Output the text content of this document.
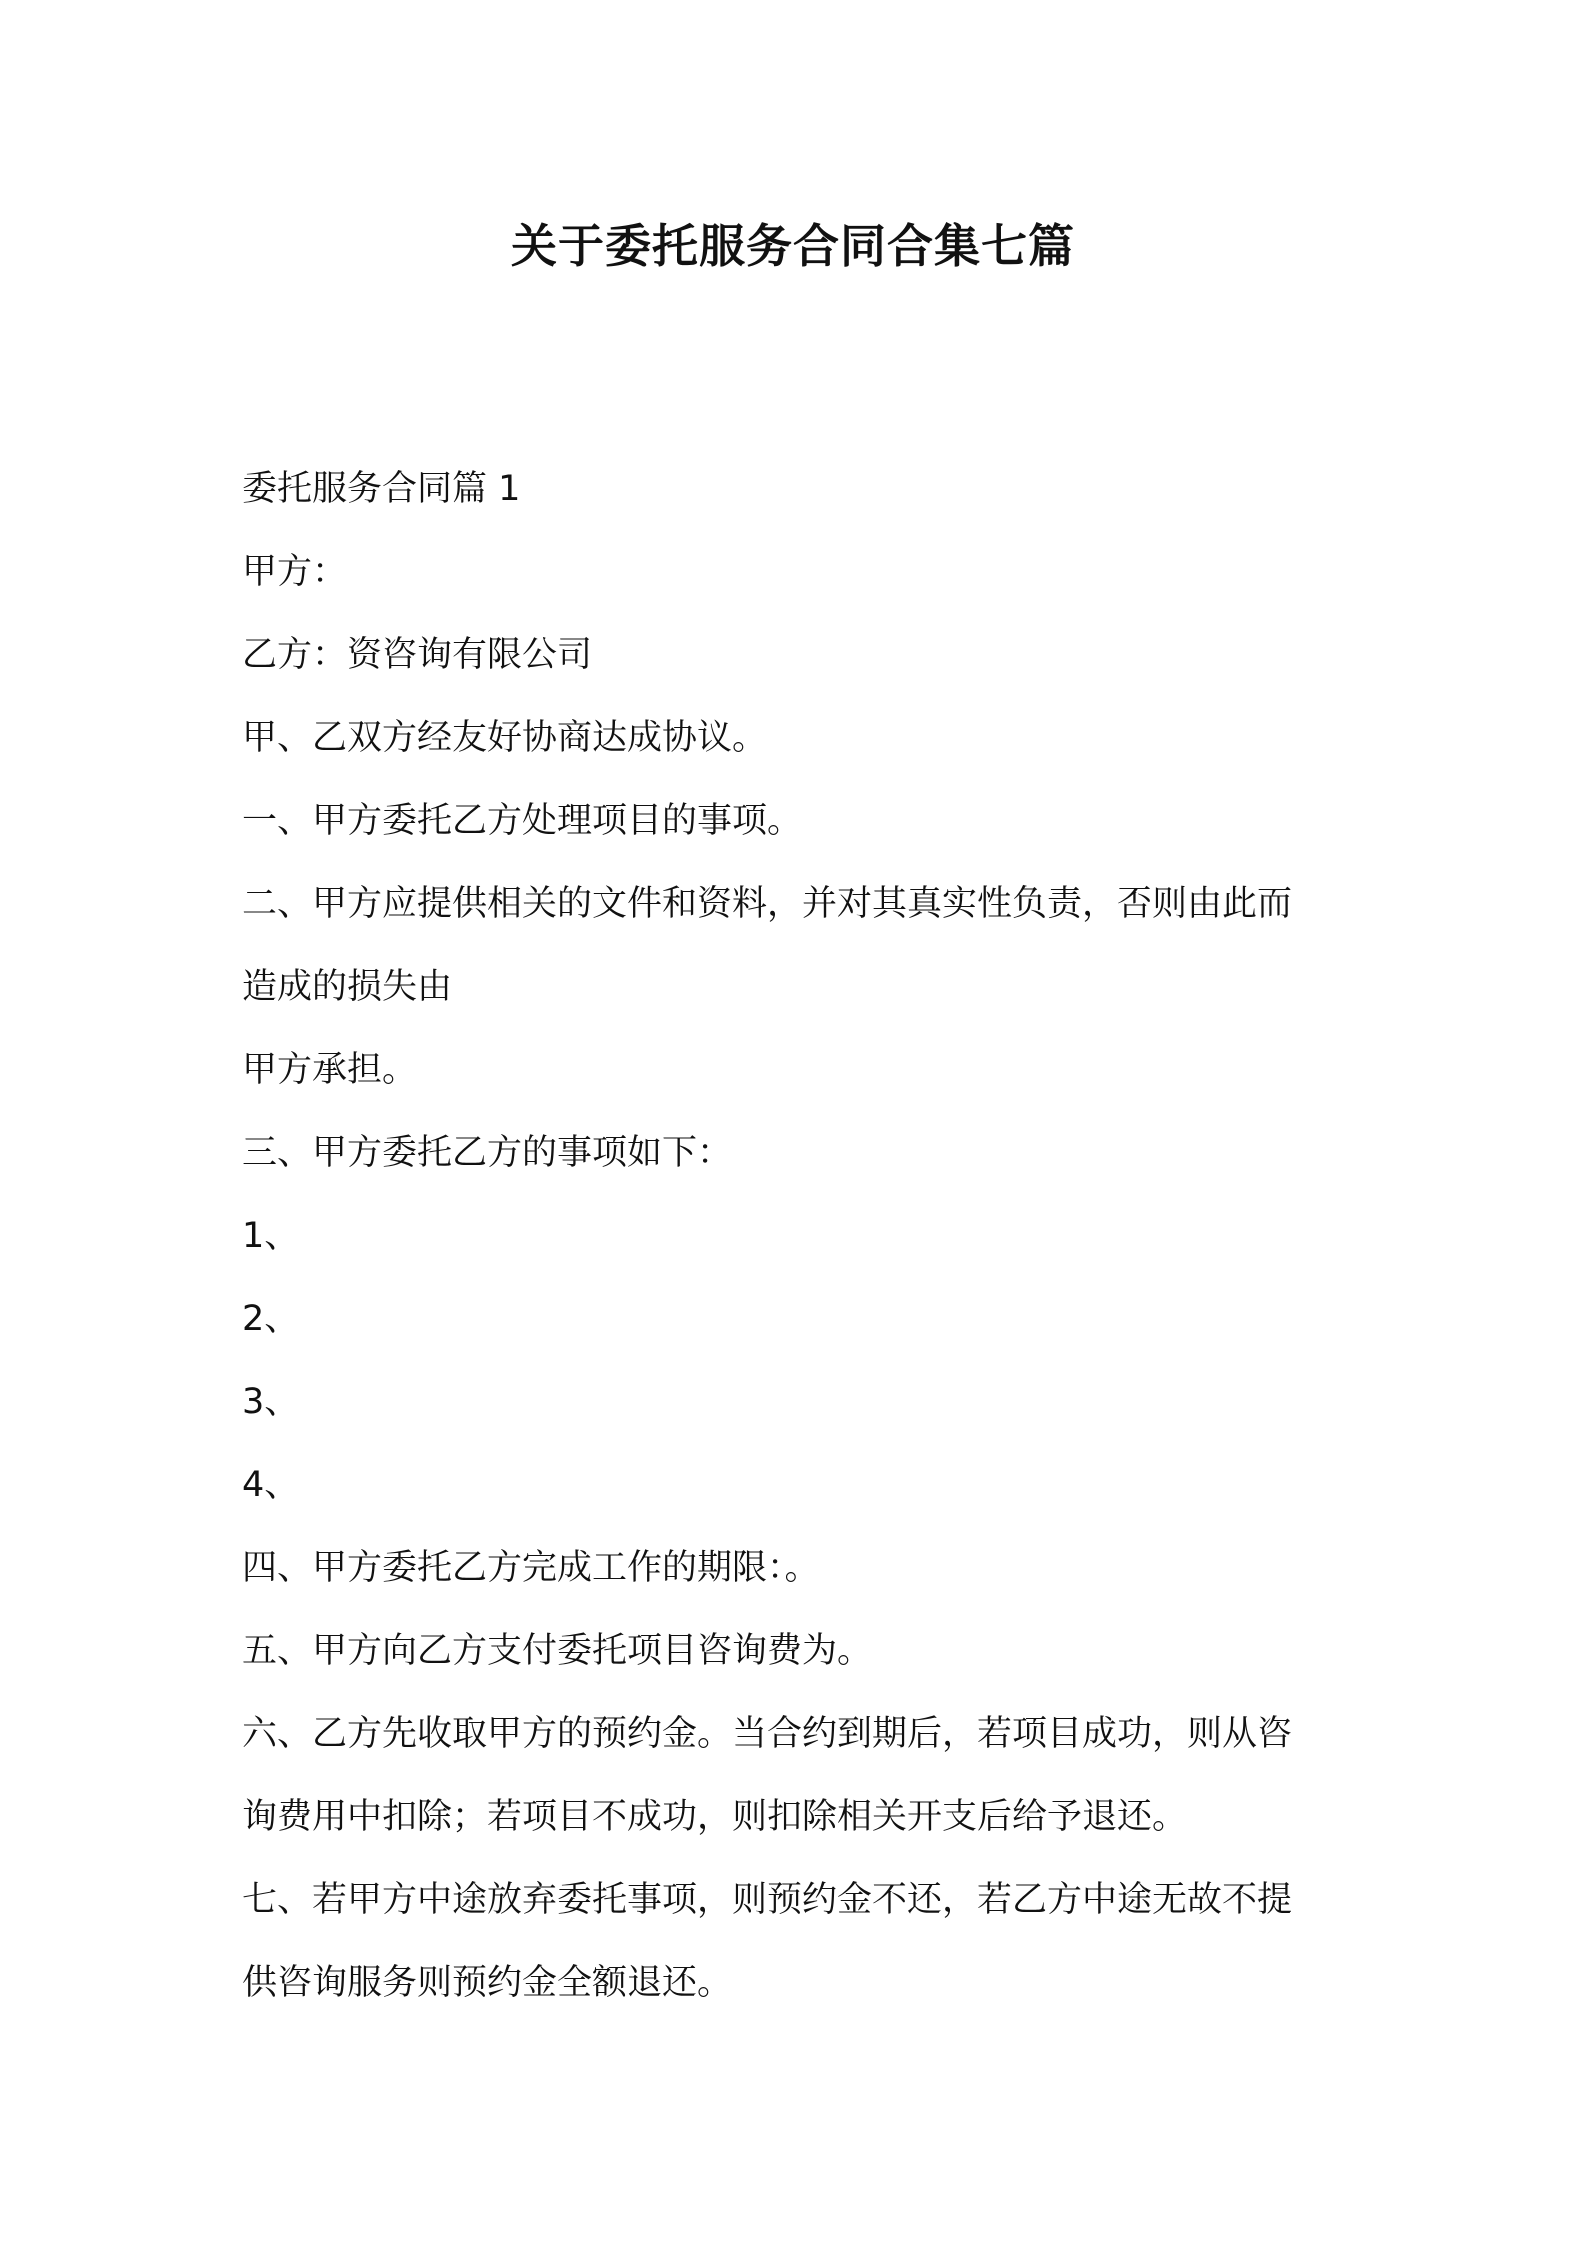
关于委托服务合同合集七篇
委托服务合同篇 1
甲方：
乙方：资咨询有限公司
甲、乙双方经友好协商达成协议。
一、甲方委托乙方处理项目的事项。
二、甲方应提供相关的文件和资料，并对其真实性负责，否则由此而
造成的损失由
甲方承担。
三、甲方委托乙方的事项如下：
1、
2、
3、
4、
四、甲方委托乙方完成工作的期限：。
五、甲方向乙方支付委托项目咨询费为。
六、乙方先收取甲方的预约金。当合约到期后，若项目成功，则从咨
询费用中扣除；若项目不成功，则扣除相关开支后给予退还。
七、若甲方中途放弃委托事项，则预约金不还，若乙方中途无故不提
供咨询服务则预约金全额退还。
